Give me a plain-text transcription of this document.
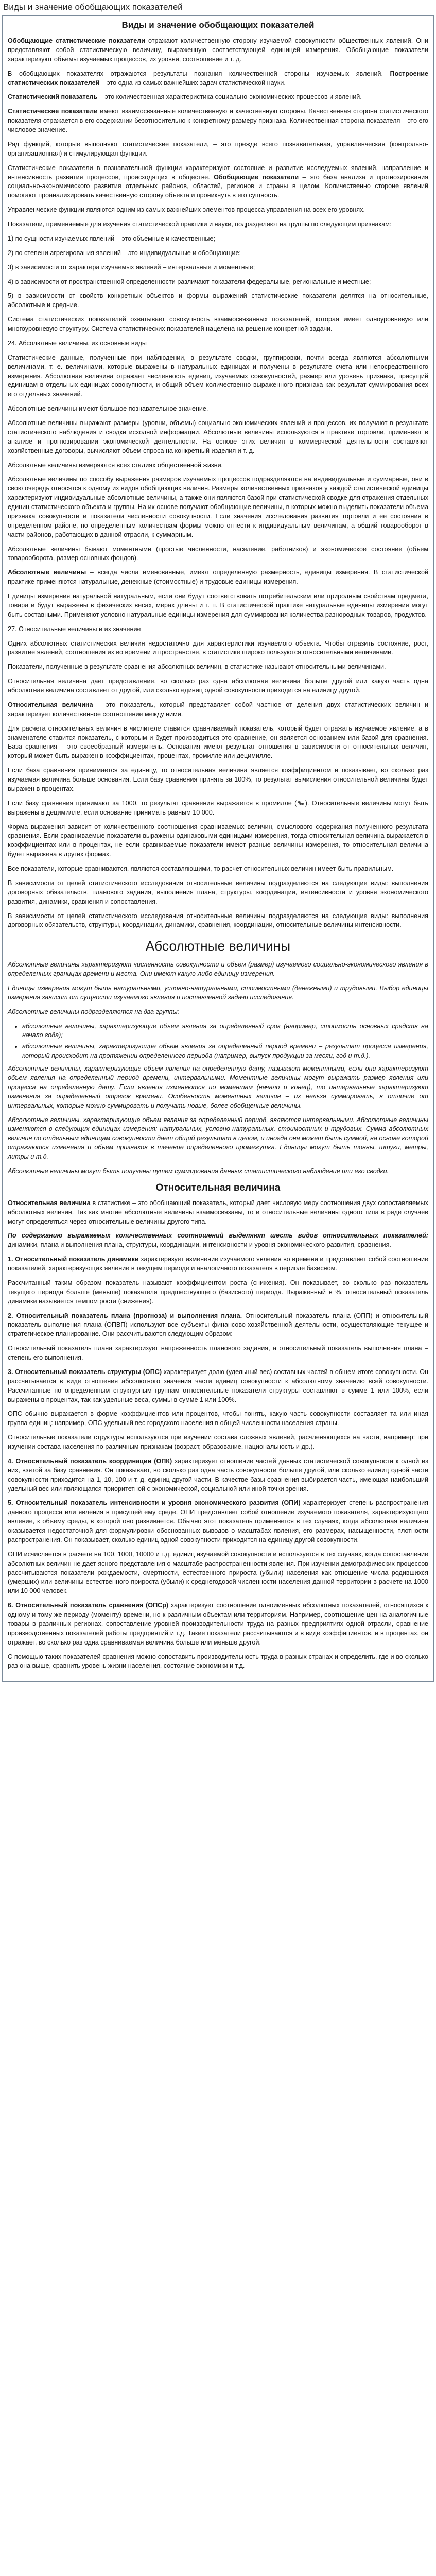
Виды и значение обобщающих показателей
Виды и значение обобщающих показателей

Обобщающие статистические показатели отражают количественную сторону изучаемой совокупности общественных явлений. Они представляют собой статистическую величину, выраженную соответствующей единицей измерения. Обобщающие показатели характеризуют объемы изучаемых процессов, их уровни, соотношение и т. д.

В обобщающих показателях отражаются результаты познания количественной стороны изучаемых явлений. Построение статистических показателей – это одна из самых важнейших задач статистической науки.

Статистический показатель – это количественная характеристика социально-экономических процессов и явлений.

Статистические показатели имеют взаимосвязанные количественную и качественную стороны. Качественная сторона статистического показателя отражается в его содержании безотносительно к конкретному размеру признака. Количественная сторона показателя – это его числовое значение.

Ряд функций, которые выполняют статистические показатели, – это прежде всего познавательная, управленческая (контрольно-организационная) и стимулирующая функции.

Статистические показатели в познавательной функции характеризуют состояние и развитие исследуемых явлений, направление и интенсивность развития процессов, происходящих в обществе. Обобщающие показатели – это база анализа и прогнозирования социально-экономического развития отдельных районов, областей, регионов и страны в целом. Количественно стороне явлений помогают проанализировать качественную сторону объекта и проникнуть в его сущность.

Управленческие функции являются одним из самых важнейших элементов процесса управления на всех его уровнях.

Показатели, применяемые для изучения статистической практики и науки, подразделяют на группы по следующим признакам:

1) по сущности изучаемых явлений – это объемные и качественные;

2) по степени агрегирования явлений – это индивидуальные и обобщающие;

3) в зависимости от характера изучаемых явлений – интервальные и моментные;

4) в зависимости от пространственной определенности различают показатели федеральные, региональные и местные;

5) в зависимости от свойств конкретных объектов и формы выражений статистические показатели делятся на относительные, абсолютные и средние.

Система статистических показателей охватывает совокупность взаимосвязанных показателей, которая имеет одноуровневую или многоуровневую структуру. Система статистических показателей нацелена на решение конкретной задачи.

24. Абсолютные величины, их основные виды

Статистические данные, полученные при наблюдении, в результате сводки, группировки, почти всегда являются абсолютными величинами, т. е. величинами, которые выражены в натуральных единицах и получены в результате счета или непосредственного измерения. Абсолютная величина отражает численность единиц, изучаемых совокупностей, размер или уровень признака, присущий единицам в отдельных единицах совокупности, и общий объем количественно выраженного признака как результат суммирования всех его отдельных значений.

Абсолютные величины имеют большое познавательное значение.

Абсолютные величины выражают размеры (уровни, объемы) социально-экономических явлений и процессов, их получают в результате статистического наблюдения и сводки исходной информации. Абсолютные величины используются в практике торговли, применяют в анализе и прогнозировании экономической деятельности. На основе этих величин в коммерческой деятельности составляют хозяйственные договоры, вычисляют объем спроса на конкретный изделия и т. д.

Абсолютные величины измеряются всех стадиях общественной жизни.

Абсолютные величины по способу выражения размеров изучаемых процессов подразделяются на индивидуальные и суммарные, они в свою очередь относятся к одному из видов обобщающих величин. Размеры количественных признаков у каждой статистической единицы характеризуют индивидуальные абсолютные величины, а также они являются базой при статистической сводке для отражения отдельных единиц статистического объекта и группы. На их основе получают обобщающие величины, в которых можно выделить показатели объема признака совокупности и показатели численности совокупности. Если значения исследования развития торговли и ее состояния в определенном районе, по определенным количествам формы можно отнести к индивидуальным величинам, а общий товарооборот в части районов, работающих в данной отрасли, к суммарным.

Абсолютные величины бывают моментными (простые численности, население, работников) и экономическое состояние (объем товарооборота, размер основных фондов).

Абсолютные величины – всегда числа именованные, имеют определенную размерность, единицы измерения. В статистической практике применяются натуральные, денежные (стоимостные) и трудовые единицы измерения.

Единицы измерения натуральной натуральным, если они будут соответствовать потребительским или природным свойствам предмета, товара и будут выражены в физических весах, мерах длины и т. п. В статистической практике натуральные единицы измерения могут быть составными. Применяют условно натуральные единицы измерения для суммирования количества разнородных товаров, продуктов.

27. Относительные величины и их значение

Одних абсолютных статистических величин недостаточно для характеристики изучаемого объекта. Чтобы отразить состояние, рост, развитие явлений, соотношения их во времени и пространстве, в статистике широко пользуются относительными величинами.

Показатели, полученные в результате сравнения абсолютных величин, в статистике называют относительными величинами.

Относительная величина дает представление, во сколько раз одна абсолютная величина больше другой или какую часть одна абсолютная величина составляет от другой, или сколько единиц одной совокупности приходится на единицу другой.

Относительная величина – это показатель, который представляет собой частное от деления двух статистических величин и характеризует количественное соотношение между ними.

Для расчета относительных величин в числителе ставится сравниваемый показатель, который будет отражать изучаемое явление, а в знаменателе ставится показатель, с которым и будет производиться это сравнение, он является основанием или базой для сравнения. База сравнения – это своеобразный измеритель. Основания имеют результат отношения в зависимости от относительных величин, который может быть выражен в коэффициентах, процентах, промилле или децимилле.

Если база сравнения принимается за единицу, то относительная величина является коэффициентом и показывает, во сколько раз изучаемая величина больше основания. Если базу сравнения принять за 100%, то результат вычисления относительной величины будет выражен в процентах.

Если базу сравнения принимают за 1000, то результат сравнения выражается в промилле (‰). Относительные величины могут быть выражены в децимилле, если основание принимать равным 10 000.

Форма выражения зависит от количественного соотношения сравниваемых величин, смыслового содержания полученного результата сравнения. Если сравниваемые показатели выражены одинаковыми единицами измерения, тогда относительная величина выражается в коэффициентах или в процентах, не если сравниваемые показатели имеют разные величины измерения, то относительная величина будет выражена в других формах.

Все показатели, которые сравниваются, являются составляющими, то расчет относительных величин имеет быть правильным.

В зависимости от целей статистического исследования относительные величины подразделяются на следующие виды: выполнения договорных обязательств, планового задания, выполнения плана, структуры, координации, интенсивности и уровня экономического развития, динамики, сравнения и сопоставления.

В зависимости от целей статистического исследования относительные величины подразделяются на следующие виды: выполнения договорных обязательств, структуры, координации, динамики, сравнения, координации, относительные величины интенсивности.

Абсолютные величины

Абсолютные величины характеризуют численность совокупности и объем (размер) изучаемого социально-экономического явления в определенных границах времени и места. Они имеют какую-либо единицу измерения.

Единицы измерения могут быть натуральными, условно-натуральными, стоимостными (денежными) и трудовыми. Выбор единицы измерения зависит от сущности изучаемого явления и поставленной задачи исследования.

Абсолютные величины подразделяются на два группы:

• абсолютные величины, характеризующие объем явления за определенный срок (например, стоимость основных средств на начало года);
• абсолютные величины, характеризующие объем явления за определенный период времени – результат процесса измерения, который происходит на протяжении определенного периода (например, выпуск продукции за месяц, год и т.д.).

Абсолютные величины, характеризующие объем явления на определенную дату, называют моментными, если они характеризуют объем явления на определенный период времени, интервальными. Моментные величины могут выражать размер явления или процесса на определенную дату. Если явления изменяются по моментам (начало и конец), то интервальные характеризуют изменения за определенный отрезок времени. Особенность моментных величин – их нельзя суммировать, в отличие от интервальных, которые можно суммировать и получать новые, более обобщенные величины.

Абсолютные величины, характеризующие объем явления за определенный период, являются интервальными. Абсолютные величины изменяются в следующих единицах измерения: натуральных, условно-натуральных, стоимостных и трудовых. Сумма абсолютных величин по отдельным единицам совокупности дает общий результат в целом, и иногда она может быть суммой, на основе которой отражаются изменения и объем признаков в течение определенного промежутка. Единицы могут быть тонны, штуки, метры, литры и т.д.

Абсолютные величины могут быть получены путем суммирования данных статистического наблюдения или его сводки.

Относительная величина

Относительная величина в статистике – это обобщающий показатель, который дает числовую меру соотношения двух сопоставляемых абсолютных величин. Так как многие абсолютные величины взаимосвязаны, то и относительные величины одного типа в ряде случаев могут определяться через относительные величины другого типа.

По содержанию выражаемых количественных соотношений выделяют шесть видов относительных показателей: динамики, плана и выполнения плана, структуры, координации, интенсивности и уровня экономического развития, сравнения.

1. Относительный показатель динамики характеризует изменение изучаемого явления во времени и представляет собой соотношение показателей, характеризующих явление в текущем периоде и аналогичного показателя в периоде базисном.

Рассчитанный таким образом показатель называют коэффициентом роста (снижения). Он показывает, во сколько раз показатель текущего периода больше (меньше) показателя предшествующего (базисного) периода. Выраженный в %, относительный показатель динамики называется темпом роста (снижения).

2. Относительный показатель плана (прогноза) и выполнения плана. Относительный показатель плана (ОПП) и относительный показатель выполнения плана (ОПВП) используют все субъекты финансово-хозяйственной деятельности, осуществляющие текущее и стратегическое планирование. Они рассчитываются следующим образом:

Относительный показатель плана характеризует напряженность планового задания, а относительный показатель выполнения плана – степень его выполнения.

3. Относительный показатель структуры (ОПС) характеризует долю (удельный вес) составных частей в общем итоге совокупности. Он рассчитывается в виде отношения абсолютного значения части единиц совокупности к абсолютному значению всей совокупности. Рассчитанные по определенным структурным группам относительные показатели структуры составляют в сумме 1 или 100%, если выражены в процентах, так как удельные веса, суммы в сумме 1 или 100%.

ОПС обычно выражается в форме коэффициентов или процентов, чтобы понять, какую часть совокупности составляет та или иная группа единиц: например, ОПС удельный вес городского населения в общей численности населения страны.

Относительные показатели структуры используются при изучении состава сложных явлений, расчленяющихся на части, например: при изучении состава населения по различным признакам (возраст, образование, национальность и др.).

4. Относительный показатель координации (ОПК) характеризует отношение частей данных статистической совокупности к одной из них, взятой за базу сравнения. Он показывает, во сколько раз одна часть совокупности больше другой, или сколько единиц одной части совокупности приходится на 1, 10, 100 и т. д. единиц другой части. В качестве базы сравнения выбирается часть, имеющая наибольший удельный вес или являющаяся приоритетной с экономической, социальной или иной точки зрения.

5. Относительный показатель интенсивности и уровня экономического развития (ОПИ) характеризует степень распространения данного процесса или явления в присущей ему среде. ОПИ представляет собой отношение изучаемого показателя, характеризующего явление, к объему среды, в которой оно развивается. Обычно этот показатель применяется в тех случаях, когда абсолютная величина оказывается недостаточной для формулировки обоснованных выводов о масштабах явления, его размерах, насыщенности, плотности распространения. Он показывает, сколько единиц одной совокупности приходится на единицу другой совокупности.

ОПИ исчисляется в расчете на 100, 1000, 10000 и т.д. единиц изучаемой совокупности и используется в тех случаях, когда сопоставление абсолютных величин не дает ясного представления о масштабе распространенности явления. При изучении демографических процессов рассчитываются показатели рождаемости, смертности, естественного прироста (убыли) населения как отношение числа родившихся (умерших) или величины естественного прироста (убыли) к среднегодовой численности населения данной территории в расчете на 1000 или 10 000 человек.

6. Относительный показатель сравнения (ОПСр) характеризует соотношение одноименных абсолютных показателей, относящихся к одному и тому же периоду (моменту) времени, но к различным объектам или территориям. Например, соотношение цен на аналогичные товары в различных регионах, сопоставление уровней производительности труда на разных предприятиях одной отрасли, сравнение производственных показателей работы предприятий и т.д. Такие показатели рассчитываются и в виде коэффициентов, и в процентах, он отражает, во сколько раз одна сравниваемая величина больше или меньше другой.

С помощью таких показателей сравнения можно сопоставить производительность труда в разных странах и определить, где и во сколько раз она выше, сравнить уровень жизни населения, состояние экономики и т.д.
